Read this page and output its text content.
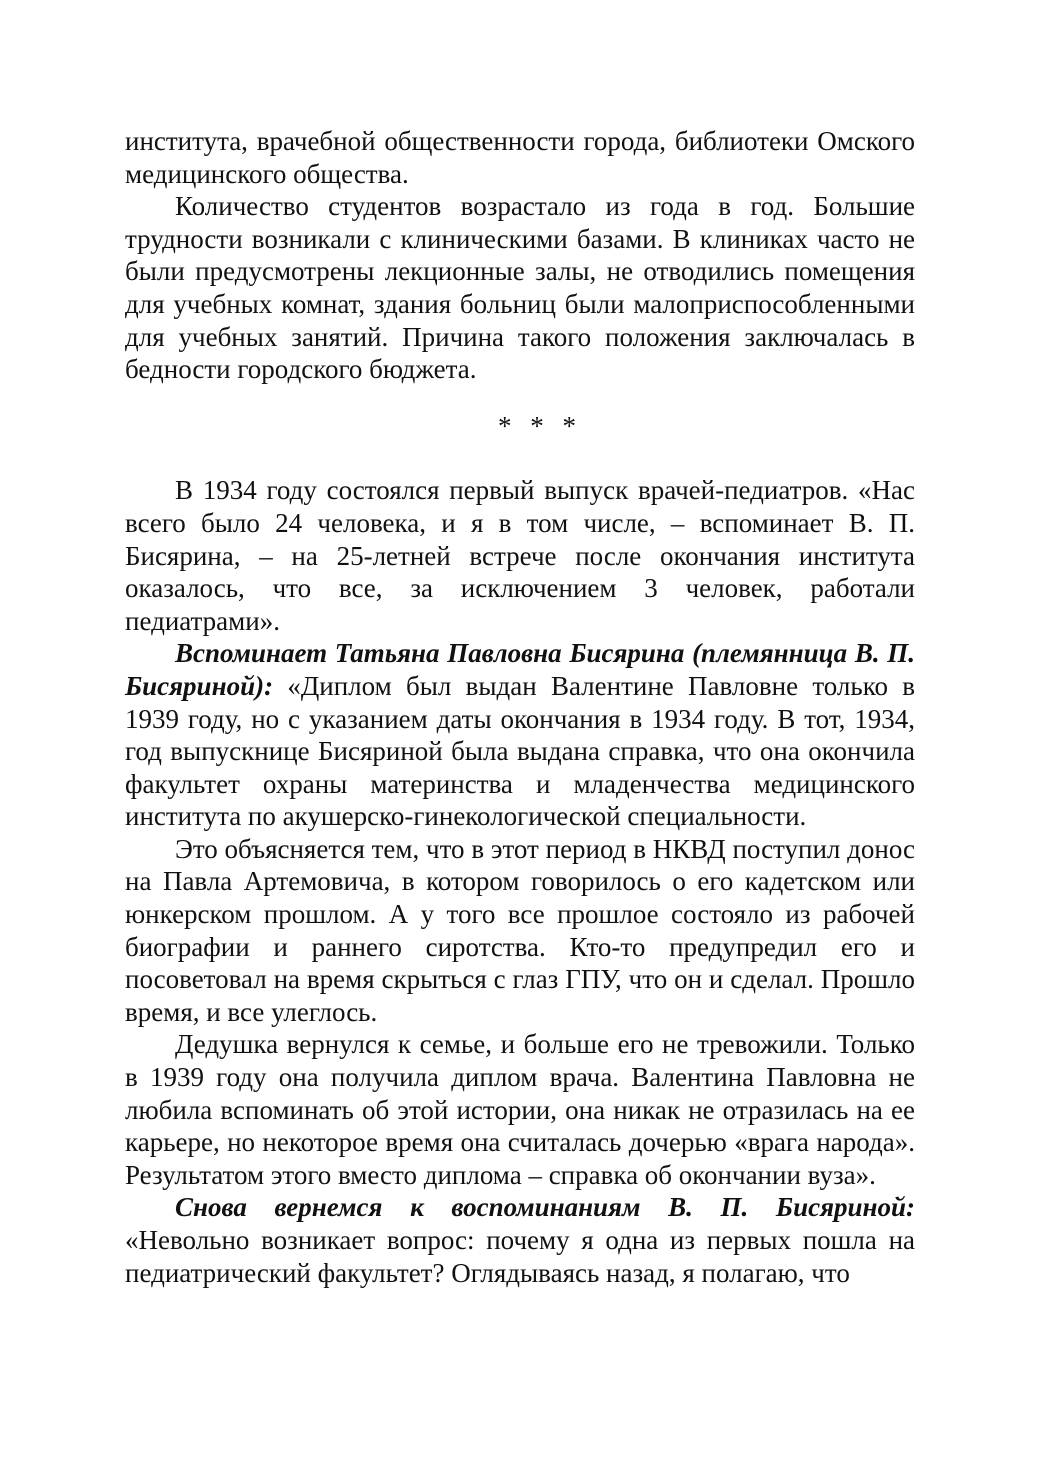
института, врачебной общественности города, библиотеки Омского медицинского общества.

Количество студентов возрастало из года в год. Большие трудности возникали с клиническими базами. В клиниках часто не были предусмотрены лекционные залы, не отводились помещения для учебных комнат, здания больниц были малоприспособленными для учебных занятий. Причина такого положения заключалась в бедности городского бюджета.

* * *

В 1934 году состоялся первый выпуск врачей-педиатров. «Нас всего было 24 человека, и я в том числе, – вспоминает В. П. Бисярина, – на 25-летней встрече после окончания института оказалось, что все, за исключением 3 человек, работали педиатрами».

Вспоминает Татьяна Павловна Бисярина (племянница В. П. Бисяриной): «Диплом был выдан Валентине Павловне только в 1939 году, но с указанием даты окончания в 1934 году. В тот, 1934, год выпускнице Бисяриной была выдана справка, что она окончила факультет охраны материнства и младенчества медицинского института по акушерско-гинекологической специальности.

Это объясняется тем, что в этот период в НКВД поступил донос на Павла Артемовича, в котором говорилось о его кадетском или юнкерском прошлом. А у того все прошлое состояло из рабочей биографии и раннего сиротства. Кто-то предупредил его и посоветовал на время скрыться с глаз ГПУ, что он и сделал. Прошло время, и все улеглось.

Дедушка вернулся к семье, и больше его не тревожили. Только в 1939 году она получила диплом врача. Валентина Павловна не любила вспоминать об этой истории, она никак не отразилась на ее карьере, но некоторое время она считалась дочерью «врага народа». Результатом этого вместо диплома – справка об окончании вуза».

Снова вернемся к воспоминаниям В. П. Бисяриной: «Невольно возникает вопрос: почему я одна из первых пошла на педиатрический факультет? Оглядываясь назад, я полагаю, что
